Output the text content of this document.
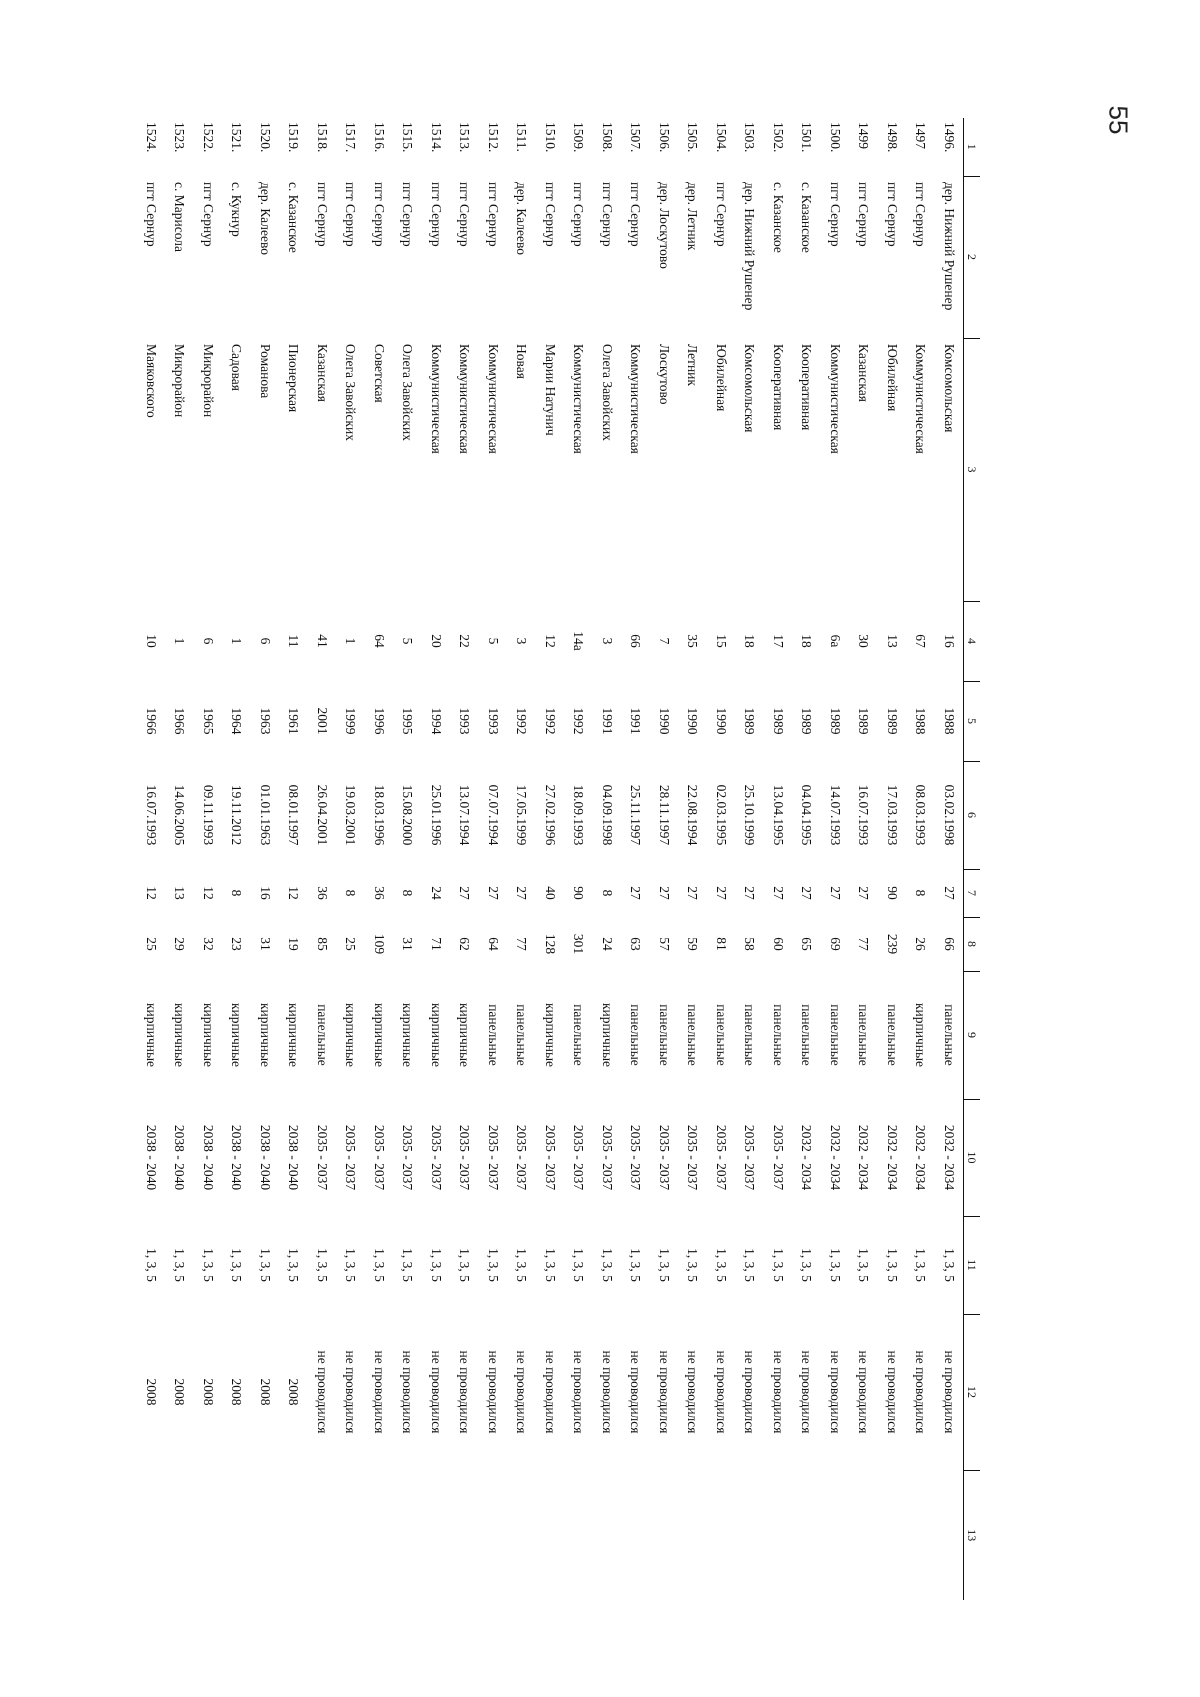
55
1	2	3	4	5	6	7	8	9	10	11	12	13
1496.	дер. Нижний Рушенер	Комсомольская	16	1988	03.02.1998	27	66	панельные	2032 - 2034	1, 3, 5	не проводился	
1497	пгт Сернур	Коммунистическая	67	1988	08.03.1993	8	26	кирпичные	2032 - 2034	1, 3, 5	не проводился	
1498.	пгт Сернур	Юбилейная	13	1989	17.03.1993	90	239	панельные	2032 - 2034	1, 3, 5	не проводился	
1499	пгт Сернур	Казанская	30	1989	16.07.1993	27	77	панельные	2032 - 2034	1, 3, 5	не проводился	
1500.	пгт Сернур	Коммунистическая	6а	1989	14.07.1993	27	69	панельные	2032 - 2034	1, 3, 5	не проводился	
1501.	с. Казанское	Кооперативная	18	1989	04.04.1995	27	65	панельные	2032 - 2034	1, 3, 5	не проводился	
1502.	с. Казанское	Кооперативная	17	1989	13.04.1995	27	60	панельные	2035 - 2037	1, 3, 5	не проводился	
1503.	дер. Нижний Рушенер	Комсомольская	18	1989	25.10.1999	27	58	панельные	2035 - 2037	1, 3, 5	не проводился	
1504.	пгт Сернур	Юбилейная	15	1990	02.03.1995	27	81	панельные	2035 - 2037	1, 3, 5	не проводился	
1505.	дер. Летник	Летник	35	1990	22.08.1994	27	59	панельные	2035 - 2037	1, 3, 5	не проводился	
1506.	дер. Лоскутово	Лоскутово	7	1990	28.11.1997	27	57	панельные	2035 - 2037	1, 3, 5	не проводился	
1507.	пгт Сернур	Коммунистическая	66	1991	25.11.1997	27	63	панельные	2035 - 2037	1, 3, 5	не проводился	
1508.	пгт Сернур	Олега Завойских	3	1991	04.09.1998	8	24	кирпичные	2035 - 2037	1, 3, 5	не проводился	
1509.	пгт Сернур	Коммунистическая	14а	1992	18.09.1993	90	301	панельные	2035 - 2037	1, 3, 5	не проводился	
1510.	пгт Сернур	Марии Натунич	12	1992	27.02.1996	40	128	кирпичные	2035 - 2037	1, 3, 5	не проводился	
1511.	дер. Калеево	Новая	3	1992	17.05.1999	27	77	панельные	2035 - 2037	1, 3, 5	не проводился	
1512.	пгт Сернур	Коммунистическая	5	1993	07.07.1994	27	64	панельные	2035 - 2037	1, 3, 5	не проводился	
1513.	пгт Сернур	Коммунистическая	22	1993	13.07.1994	27	62	кирпичные	2035 - 2037	1, 3, 5	не проводился	
1514.	пгт Сернур	Коммунистическая	20	1994	25.01.1996	24	71	кирпичные	2035 - 2037	1, 3, 5	не проводился	
1515.	пгт Сернур	Олега Завойских	5	1995	15.08.2000	8	31	кирпичные	2035 - 2037	1, 3, 5	не проводился	
1516.	пгт Сернур	Советская	64	1996	18.03.1996	36	109	кирпичные	2035 - 2037	1, 3, 5	не проводился	
1517.	пгт Сернур	Олега Завойских	1	1999	19.03.2001	8	25	кирпичные	2035 - 2037	1, 3, 5	не проводился	
1518.	пгт Сернур	Казанская	41	2001	26.04.2001	36	85	панельные	2035 - 2037	1, 3, 5	не проводился	
1519.	с. Казанское	Пионерская	11	1961	08.01.1997	12	19	кирпичные	2038 - 2040	1, 3, 5	2008	
1520.	дер. Калеево	Романова	6	1963	01.01.1963	16	31	кирпичные	2038 - 2040	1, 3, 5	2008	
1521.	с. Кукнур	Садовая	1	1964	19.11.2012	8	23	кирпичные	2038 - 2040	1, 3, 5	2008	
1522.	пгт Сернур	Микрорайон	6	1965	09.11.1993	12	32	кирпичные	2038 - 2040	1, 3, 5	2008	
1523.	с. Марисола	Микрорайон	1	1966	14.06.2005	13	29	кирпичные	2038 - 2040	1, 3, 5	2008	
1524.	пгт Сернур	Маяковского	10	1966	16.07.1993	12	25	кирпичные	2038 - 2040	1, 3, 5	2008	
